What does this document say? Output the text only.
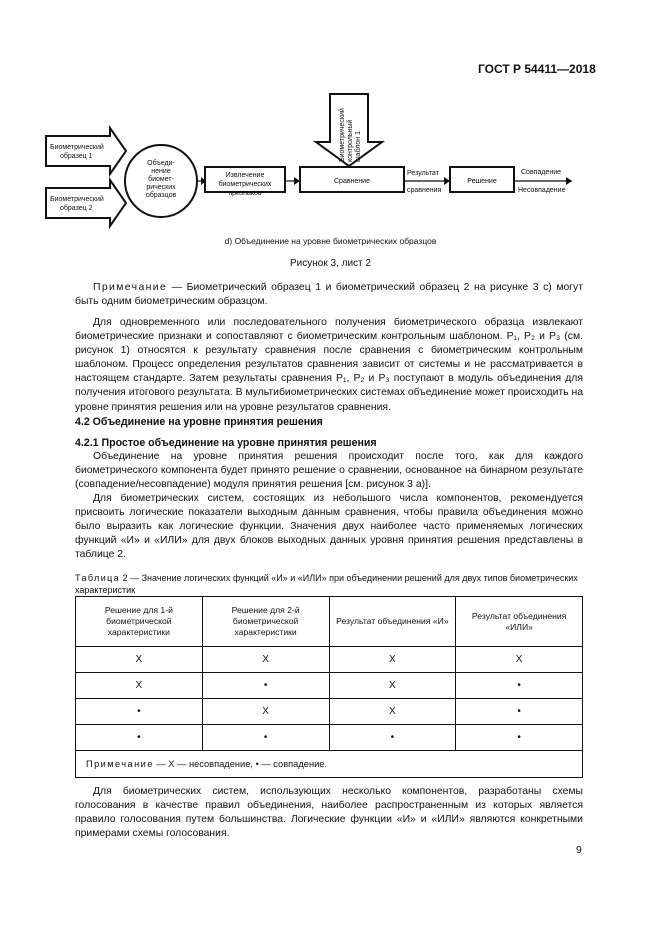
ГОСТ Р 54411—2018
Биометрический
образец 1
Биометрический
образец 2
Объеди-
нение
биомет-
рических
образцов
Извлечение
биометрических
признаков
Сравнение
Результат
сравнения
Решение
Совпадение
Несовпадение
Биометрический контрольный шаблон 1
d) Объединение на уровне биометрических образцов
Рисунок 3, лист 2

Примечание — Биометрический образец 1 и биометрический образец 2 на рисунке 3 с) могут быть одним биометрическим образцом.

Для одновременного или последовательного получения биометрического образца извлекают биометрические признаки и сопоставляют с биометрическим контрольным шаблоном. P₁, P₂ и P₃ (см. рисунок 1) относятся к результату сравнения после сравнения с биометрическим контрольным шаблоном. Процесс определения результатов сравнения зависит от системы и не рассматривается в настоящем стандарте. Затем результаты сравнения P₁, P₂ и P₃ поступают в модуль объединения для получения итогового результата. В мультибиометрических системах объединение может происходить на уровне принятия решения или на уровне результатов сравнения.

4.2 Объединение на уровне принятия решения
4.2.1 Простое объединение на уровне принятия решения

Объединение на уровне принятия решения происходит после того, как для каждого биометрического компонента будет принято решение о сравнении, основанное на бинарном результате (совпадение/несовпадение) модуля принятия решения [см. рисунок 3 а)].

Для биометрических систем, состоящих из небольшого числа компонентов, рекомендуется присвоить логические показатели выходным данным сравнения, чтобы правила объединения можно было выразить как логические функции. Значения двух наиболее часто применяемых логических функций «И» и «ИЛИ» для двух блоков выходных данных уровня принятия решения представлены в таблице 2.

Таблица 2 — Значение логических функций «И» и «ИЛИ» при объединении решений для двух типов биометрических характеристик
Решение для 1-й биометрической характеристики	Решение для 2-й биометрической характеристики	Результат объединения «И»	Результат объединения «ИЛИ»
X	X	X	X
X	•	X	•
•	X	X	•
•	•	•	•
Примечание — X — несовпадение, • — совпадение.			

Для биометрических систем, использующих несколько компонентов, разработаны схемы голосования в качестве правил объединения, наиболее распространенным из которых является правило голосования путем большинства. Логические функции «И» и «ИЛИ» являются конкретными примерами схемы голосования.

9
